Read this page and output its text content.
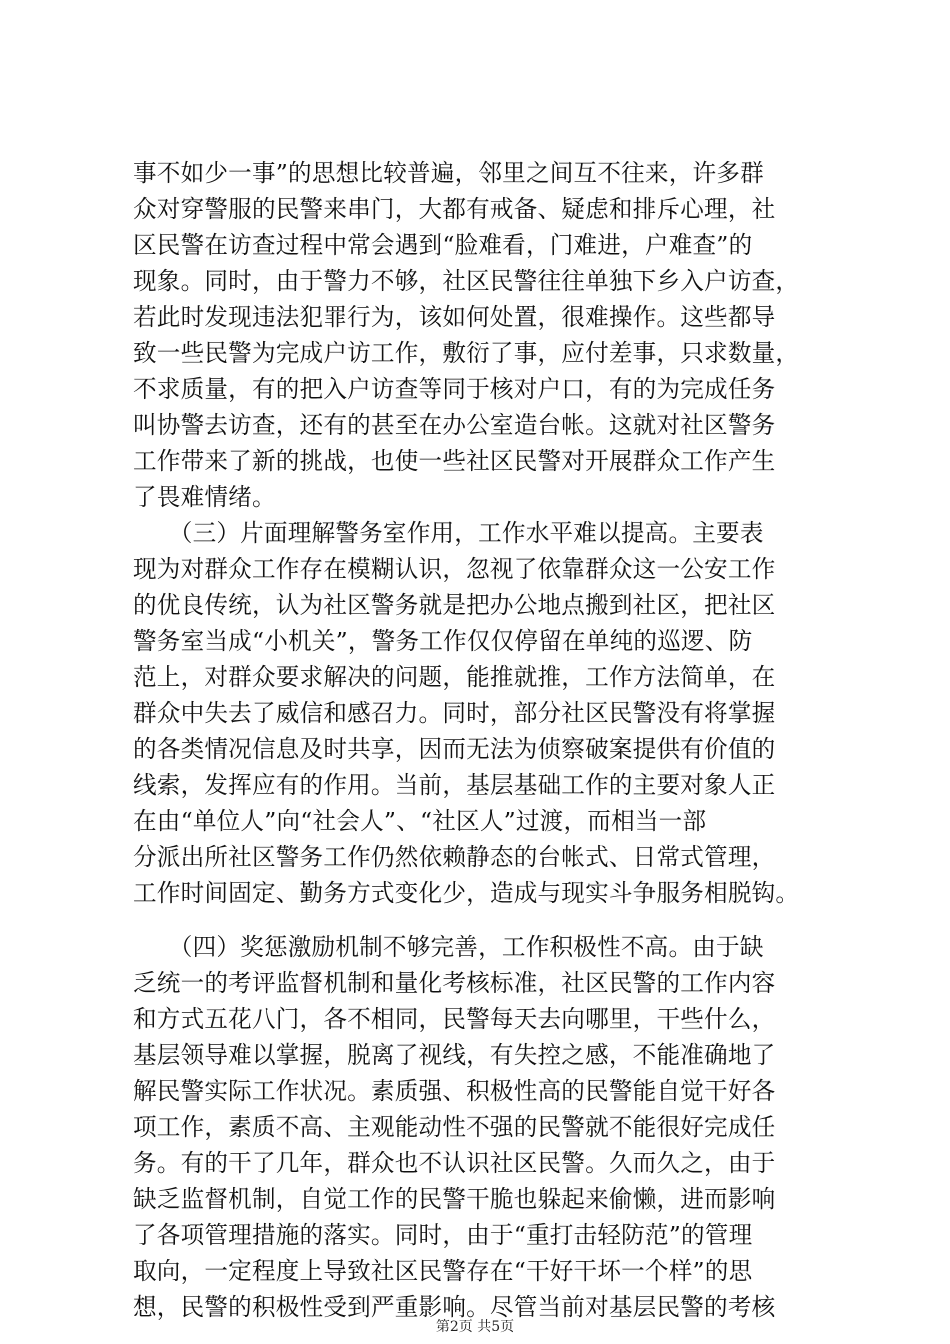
事不如少一事”的思想比较普遍，邻里之间互不往来，许多群
众对穿警服的民警来串门，大都有戒备、疑虑和排斥心理，社
区民警在访查过程中常会遇到“脸难看，门难进，户难查”的
现象。同时，由于警力不够，社区民警往往单独下乡入户访查，
若此时发现违法犯罪行为，该如何处置，很难操作。这些都导
致一些民警为完成户访工作，敷衍了事，应付差事，只求数量，
不求质量，有的把入户访查等同于核对户口，有的为完成任务
叫协警去访查，还有的甚至在办公室造台帐。这就对社区警务
工作带来了新的挑战，也使一些社区民警对开展群众工作产生
了畏难情绪。
　　（三）片面理解警务室作用，工作水平难以提高。主要表
现为对群众工作存在模糊认识，忽视了依靠群众这一公安工作
的优良传统，认为社区警务就是把办公地点搬到社区，把社区
警务室当成“小机关”，警务工作仅仅停留在单纯的巡逻、防
范上，对群众要求解决的问题，能推就推，工作方法简单，在
群众中失去了威信和感召力。同时，部分社区民警没有将掌握
的各类情况信息及时共享，因而无法为侦察破案提供有价值的
线索，发挥应有的作用。当前，基层基础工作的主要对象人正
在由“单位人”向“社会人”、“社区人”过渡，而相当一部
分派出所社区警务工作仍然依赖静态的台帐式、日常式管理，
工作时间固定、勤务方式变化少，造成与现实斗争服务相脱钩。
　　（四）奖惩激励机制不够完善，工作积极性不高。由于缺
乏统一的考评监督机制和量化考核标准，社区民警的工作内容
和方式五花八门，各不相同，民警每天去向哪里，干些什么，
基层领导难以掌握，脱离了视线，有失控之感，不能准确地了
解民警实际工作状况。素质强、积极性高的民警能自觉干好各
项工作，素质不高、主观能动性不强的民警就不能很好完成任
务。有的干了几年，群众也不认识社区民警。久而久之，由于
缺乏监督机制，自觉工作的民警干脆也躲起来偷懒，进而影响
了各项管理措施的落实。同时，由于“重打击轻防范”的管理
取向，一定程度上导致社区民警存在“干好干坏一个样”的思
想，民警的积极性受到严重影响。尽管当前对基层民警的考核
第2页 共5页
